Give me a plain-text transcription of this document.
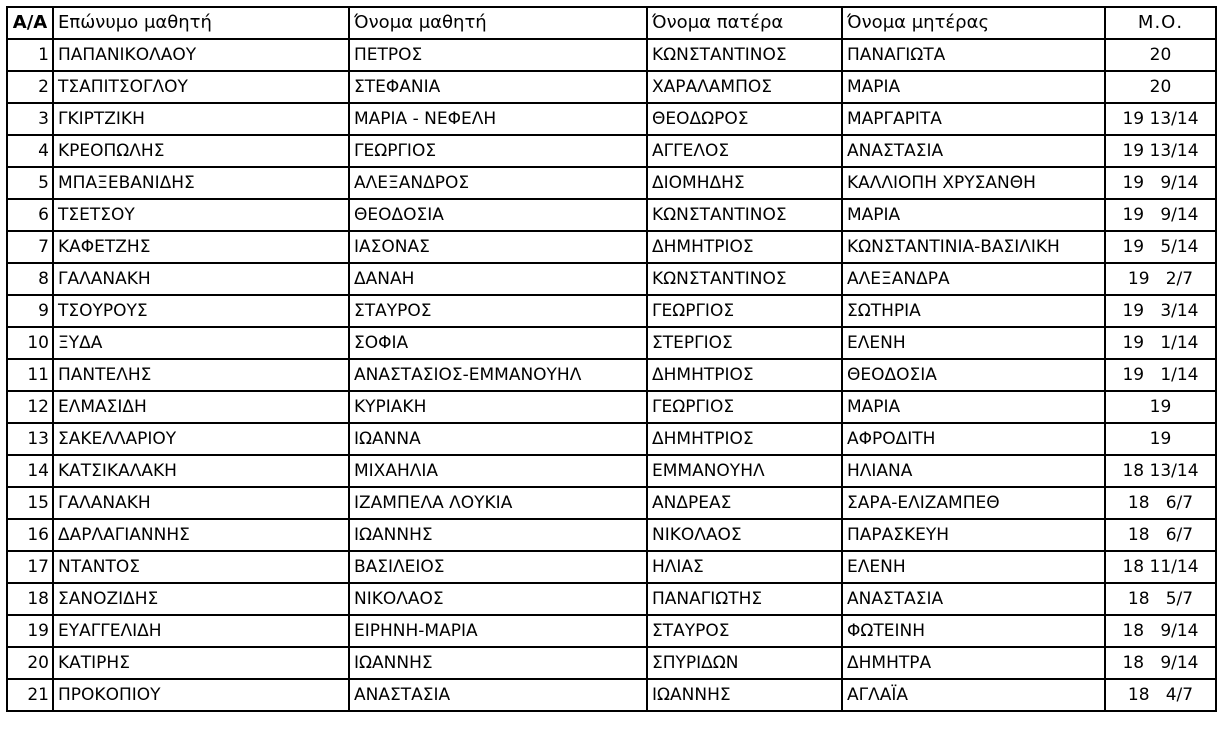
Α/Α	Επώνυμο μαθητή	Όνομα μαθητή	Όνομα πατέρα	Όνομα μητέρας	Μ.Ο.
1	ΠΑΠΑΝΙΚΟΛΑΟΥ	ΠΕΤΡΟΣ	ΚΩΝΣΤΑΝΤΙΝΟΣ	ΠΑΝΑΓΙΩΤΑ	20
2	ΤΣΑΠΙΤΣΟΓΛΟΥ	ΣΤΕΦΑΝΙΑ	ΧΑΡΑΛΑΜΠΟΣ	ΜΑΡΙΑ	20
3	ΓΚΙΡΤΖΙΚΗ	ΜΑΡΙΑ - ΝΕΦΕΛΗ	ΘΕΟΔΩΡΟΣ	ΜΑΡΓΑΡΙΤΑ	19 13/14
4	ΚΡΕΟΠΩΛΗΣ	ΓΕΩΡΓΙΟΣ	ΑΓΓΕΛΟΣ	ΑΝΑΣΤΑΣΙΑ	19 13/14
5	ΜΠΑΞΕΒΑΝΙΔΗΣ	ΑΛΕΞΑΝΔΡΟΣ	ΔΙΟΜΗΔΗΣ	ΚΑΛΛΙΟΠΗ ΧΡΥΣΑΝΘΗ	19   9/14
6	ΤΣΕΤΣΟΥ	ΘΕΟΔΟΣΙΑ	ΚΩΝΣΤΑΝΤΙΝΟΣ	ΜΑΡΙΑ	19   9/14
7	ΚΑΦΕΤΖΗΣ	ΙΑΣΟΝΑΣ	ΔΗΜΗΤΡΙΟΣ	ΚΩΝΣΤΑΝΤΙΝΙΑ-ΒΑΣΙΛΙΚΗ	19   5/14
8	ΓΑΛΑΝΑΚΗ	ΔΑΝΑΗ	ΚΩΝΣΤΑΝΤΙΝΟΣ	ΑΛΕΞΑΝΔΡΑ	19   2/7
9	ΤΣΟΥΡΟΥΣ	ΣΤΑΥΡΟΣ	ΓΕΩΡΓΙΟΣ	ΣΩΤΗΡΙΑ	19   3/14
10	ΞΥΔΑ	ΣΟΦΙΑ	ΣΤΕΡΓΙΟΣ	ΕΛΕΝΗ	19   1/14
11	ΠΑΝΤΕΛΗΣ	ΑΝΑΣΤΑΣΙΟΣ-ΕΜΜΑΝΟΥΗΛ	ΔΗΜΗΤΡΙΟΣ	ΘΕΟΔΟΣΙΑ	19   1/14
12	ΕΛΜΑΣΙΔΗ	ΚΥΡΙΑΚΗ	ΓΕΩΡΓΙΟΣ	ΜΑΡΙΑ	19
13	ΣΑΚΕΛΛΑΡΙΟΥ	ΙΩΑΝΝΑ	ΔΗΜΗΤΡΙΟΣ	ΑΦΡΟΔΙΤΗ	19
14	ΚΑΤΣΙΚΑΛΑΚΗ	ΜΙΧΑΗΛΙΑ	ΕΜΜΑΝΟΥΗΛ	ΗΛΙΑΝΑ	18 13/14
15	ΓΑΛΑΝΑΚΗ	ΙΖΑΜΠΕΛΑ ΛΟΥΚΙΑ	ΑΝΔΡΕΑΣ	ΣΑΡΑ-ΕΛΙΖΑΜΠΕΘ	18   6/7
16	ΔΑΡΛΑΓΙΑΝΝΗΣ	ΙΩΑΝΝΗΣ	ΝΙΚΟΛΑΟΣ	ΠΑΡΑΣΚΕΥΗ	18   6/7
17	ΝΤΑΝΤΟΣ	ΒΑΣΙΛΕΙΟΣ	ΗΛΙΑΣ	ΕΛΕΝΗ	18 11/14
18	ΣΑΝΟΖΙΔΗΣ	ΝΙΚΟΛΑΟΣ	ΠΑΝΑΓΙΩΤΗΣ	ΑΝΑΣΤΑΣΙΑ	18   5/7
19	ΕΥΑΓΓΕΛΙΔΗ	ΕΙΡΗΝΗ-ΜΑΡΙΑ	ΣΤΑΥΡΟΣ	ΦΩΤΕΙΝΗ	18   9/14
20	ΚΑΤΙΡΗΣ	ΙΩΑΝΝΗΣ	ΣΠΥΡΙΔΩΝ	ΔΗΜΗΤΡΑ	18   9/14
21	ΠΡΟΚΟΠΙΟΥ	ΑΝΑΣΤΑΣΙΑ	ΙΩΑΝΝΗΣ	ΑΓΛΑΪΑ	18   4/7
